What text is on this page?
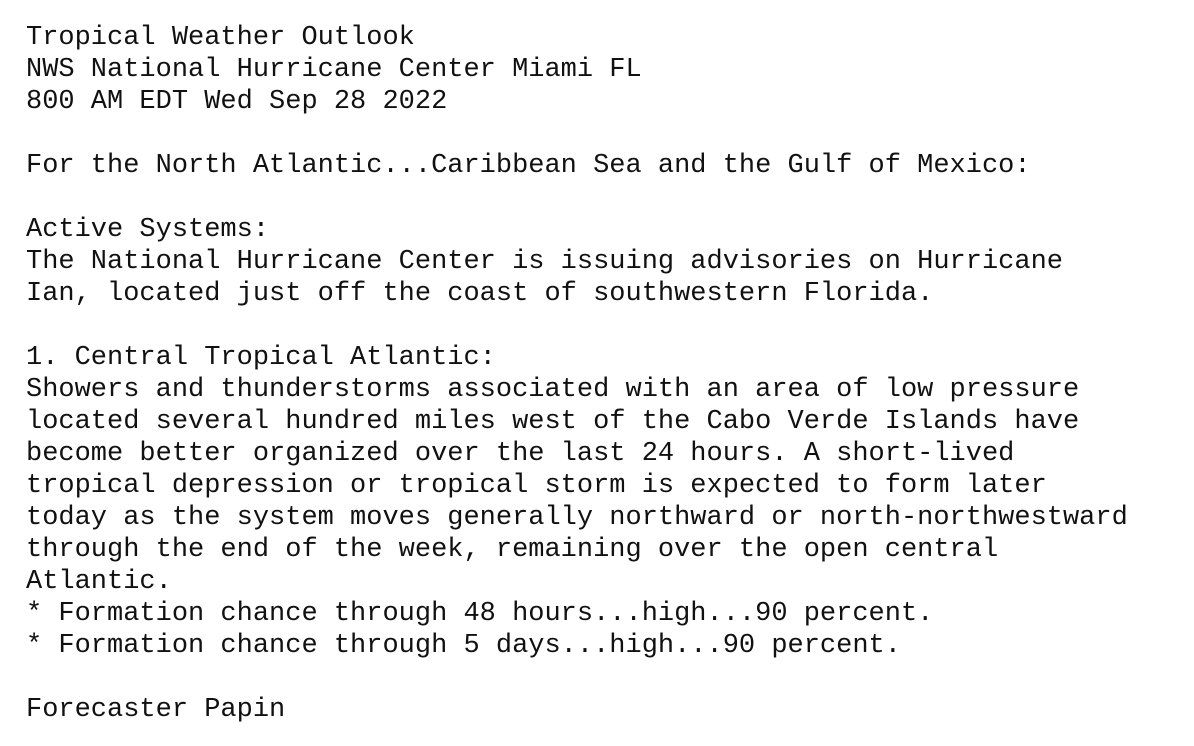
Tropical Weather Outlook
NWS National Hurricane Center Miami FL
800 AM EDT Wed Sep 28 2022
For the North Atlantic...Caribbean Sea and the Gulf of Mexico:
Active Systems:
The National Hurricane Center is issuing advisories on Hurricane
Ian, located just off the coast of southwestern Florida.
1. Central Tropical Atlantic:
Showers and thunderstorms associated with an area of low pressure
located several hundred miles west of the Cabo Verde Islands have
become better organized over the last 24 hours. A short-lived
tropical depression or tropical storm is expected to form later
today as the system moves generally northward or north-northwestward
through the end of the week, remaining over the open central
Atlantic.
* Formation chance through 48 hours...high...90 percent.
* Formation chance through 5 days...high...90 percent.
Forecaster Papin
